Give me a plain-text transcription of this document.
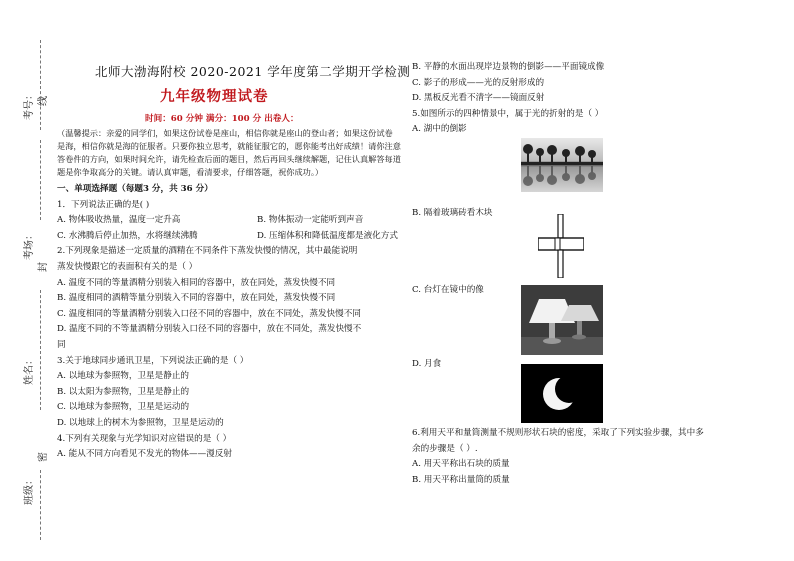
考号： 线
考场：
封
姓名：
密
班级：
北师大渤海附校 2020-2021 学年度第二学期开学检测
九年级物理试卷
时间：60 分钟 满分：100 分 出卷人：
（温馨提示：亲爱的同学们，如果这份试卷是座山，相信你就是座山的登山者；如果这份试卷
是海，相信你就是海的征服者。只要你独立思考，就能征服它的，愿你能考出好成绩！请你注意
答卷件的方向，如果时间允许，请先检查后面的题目，然后再回头继续解题，记住认真解答每道
题是你争取高分的关键。请认真审题，看清要求，仔细答题，祝你成功。）
一、单项选择题（每题3 分，共 36 分）
1．下列说法正确的是( )
A. 物体吸收热量，温度一定升高	B. 物体振动一定能听到声音
C. 水沸腾后停止加热，水将继续沸腾	D. 压缩体积和降低温度都是液化方式
2.下列现象是描述一定质量的酒精在不同条件下蒸发快慢的情况，其中最能说明
蒸发快慢跟它的表面积有关的是（ ）
A. 温度不同的等量酒精分别装入相同的容器中，放在同处，蒸发快慢不同
B. 温度相同的酒精等量分别装入不同的容器中，放在同处，蒸发快慢不同
C. 温度相同的等量酒精分别装入口径不同的容器中，放在不同处，蒸发快慢不同
D. 温度不同的不等量酒精分别装入口径不同的容器中，放在不同处，蒸发快慢不
同
3.关于地球同步通讯卫星，下列说法正确的是（ ）
A. 以地球为参照物，卫星是静止的
B. 以太阳为参照物，卫星是静止的
C. 以地球为参照物，卫星是运动的
D. 以地球上的树木为参照物，卫星是运动的
4.下列有关现象与光学知识对应错误的是（ ）
A. 能从不同方向看见不发光的物体——漫反射
B. 平静的水面出现岸边景物的倒影——平面镜成像
C. 影子的形成——光的反射形成的
D. 黑板反光看不清字——镜面反射
5.如图所示的四种情景中，属于光的折射的是（ ）
A. 湖中的倒影
B. 隔着玻璃砖看木块
C. 台灯在镜中的像
D. 月食
6.利用天平和量筒测量不规则形状石块的密度，采取了下列实验步骤，其中多
余的步骤是（ ）.
A. 用天平称出石块的质量
B. 用天平称出量筒的质量
